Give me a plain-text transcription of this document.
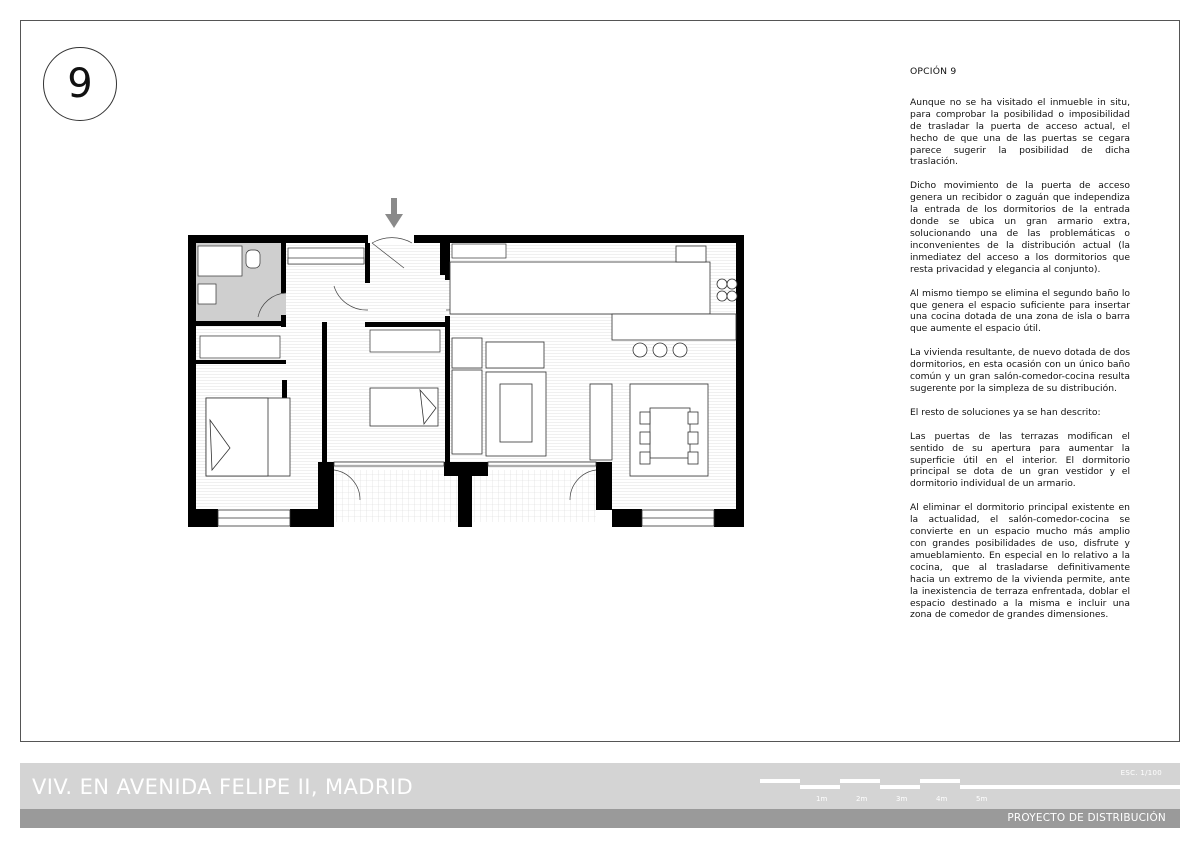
9	OPCIÓN 9

Aunque no se ha visitado el inmueble in situ, para comprobar la posibilidad o imposibilidad de trasladar la puerta de acceso actual, el hecho de que una de las puertas se cegara parece sugerir la posibilidad de dicha traslación.

Dicho movimiento de la puerta de acceso genera un recibidor o zaguán que independiza la entrada de los dormitorios de la entrada donde se ubica un gran armario extra, solucionando una de las problemáticas o inconvenientes de la distribución actual (la inmediatez del acceso a los dormitorios que resta privacidad y elegancia al conjunto).

Al mismo tiempo se elimina el segundo baño lo que genera el espacio suficiente para insertar una cocina dotada de una zona de isla o barra que aumente el espacio útil.

La vivienda resultante, de nuevo dotada de dos dormitorios, en esta ocasión con un único baño común y un gran salón-comedor-cocina resulta sugerente por la simpleza de su distribución.

El resto de soluciones ya se han descrito:

Las puertas de las terrazas modifican el sentido de su apertura para aumentar la superficie útil en el interior. El dormitorio principal se dota de un gran vestidor y el dormitorio individual de un armario.

Al eliminar el dormitorio principal existente en la actualidad, el salón-comedor-cocina se convierte en un espacio mucho más amplio con grandes posibilidades de uso, disfrute y amueblamiento. En especial en lo relativo a la cocina, que al trasladarse definitivamente hacia un extremo de la vivienda permite, ante la inexistencia de terraza enfrentada, doblar el espacio destinado a la misma e incluir una zona de comedor de grandes dimensiones.

VIV. EN AVENIDA FELIPE II, MADRID
ESC. 1/100
1m	2m	3m	4m	5m
PROYECTO DE DISTRIBUCIÓN
